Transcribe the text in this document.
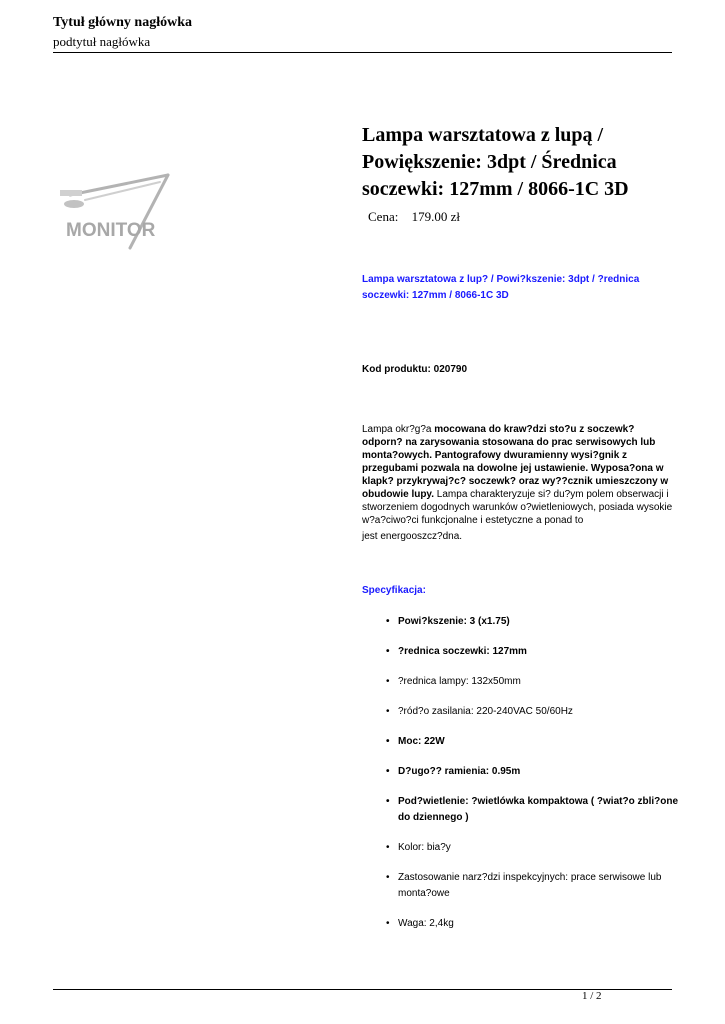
Tytuł główny nagłówka
podtytuł nagłówka
MONITOR
Lampa warsztatowa z lupą / Powiększenie: 3dpt / Średnica soczewki: 127mm / 8066-1C 3D
Cena: 179.00 zł
Lampa warsztatowa z lup? / Powi?kszenie: 3dpt / ?rednica soczewki: 127mm / 8066-1C 3D
Kod produktu: 020790
Lampa okr?g?a mocowana do kraw?dzi sto?u z soczewk? odporn? na zarysowania stosowana do prac serwisowych lub monta?owych. Pantografowy dwuramienny wysi?gnik z przegubami pozwala na dowolne jej ustawienie. Wyposa?ona w klapk? przykrywaj?c? soczewk? oraz wy??cznik umieszczony w obudowie lupy. Lampa charakteryzuje si? du?ym polem obserwacji i stworzeniem dogodnych warunków o?wietleniowych, posiada wysokie w?a?ciwo?ci funkcjonalne i estetyczne a ponad to
jest energooszcz?dna.
Specyfikacja:
• Powi?kszenie: 3 (x1.75)
• ?rednica soczewki: 127mm
• ?rednica lampy: 132x50mm
• ?ród?o zasilania: 220-240VAC 50/60Hz
• Moc: 22W
• D?ugo?? ramienia: 0.95m
• Pod?wietlenie: ?wietlówka kompaktowa ( ?wiat?o zbli?one do dziennego )
• Kolor: bia?y
• Zastosowanie narz?dzi inspekcyjnych: prace serwisowe lub monta?owe
• Waga: 2,4kg
1 / 2
